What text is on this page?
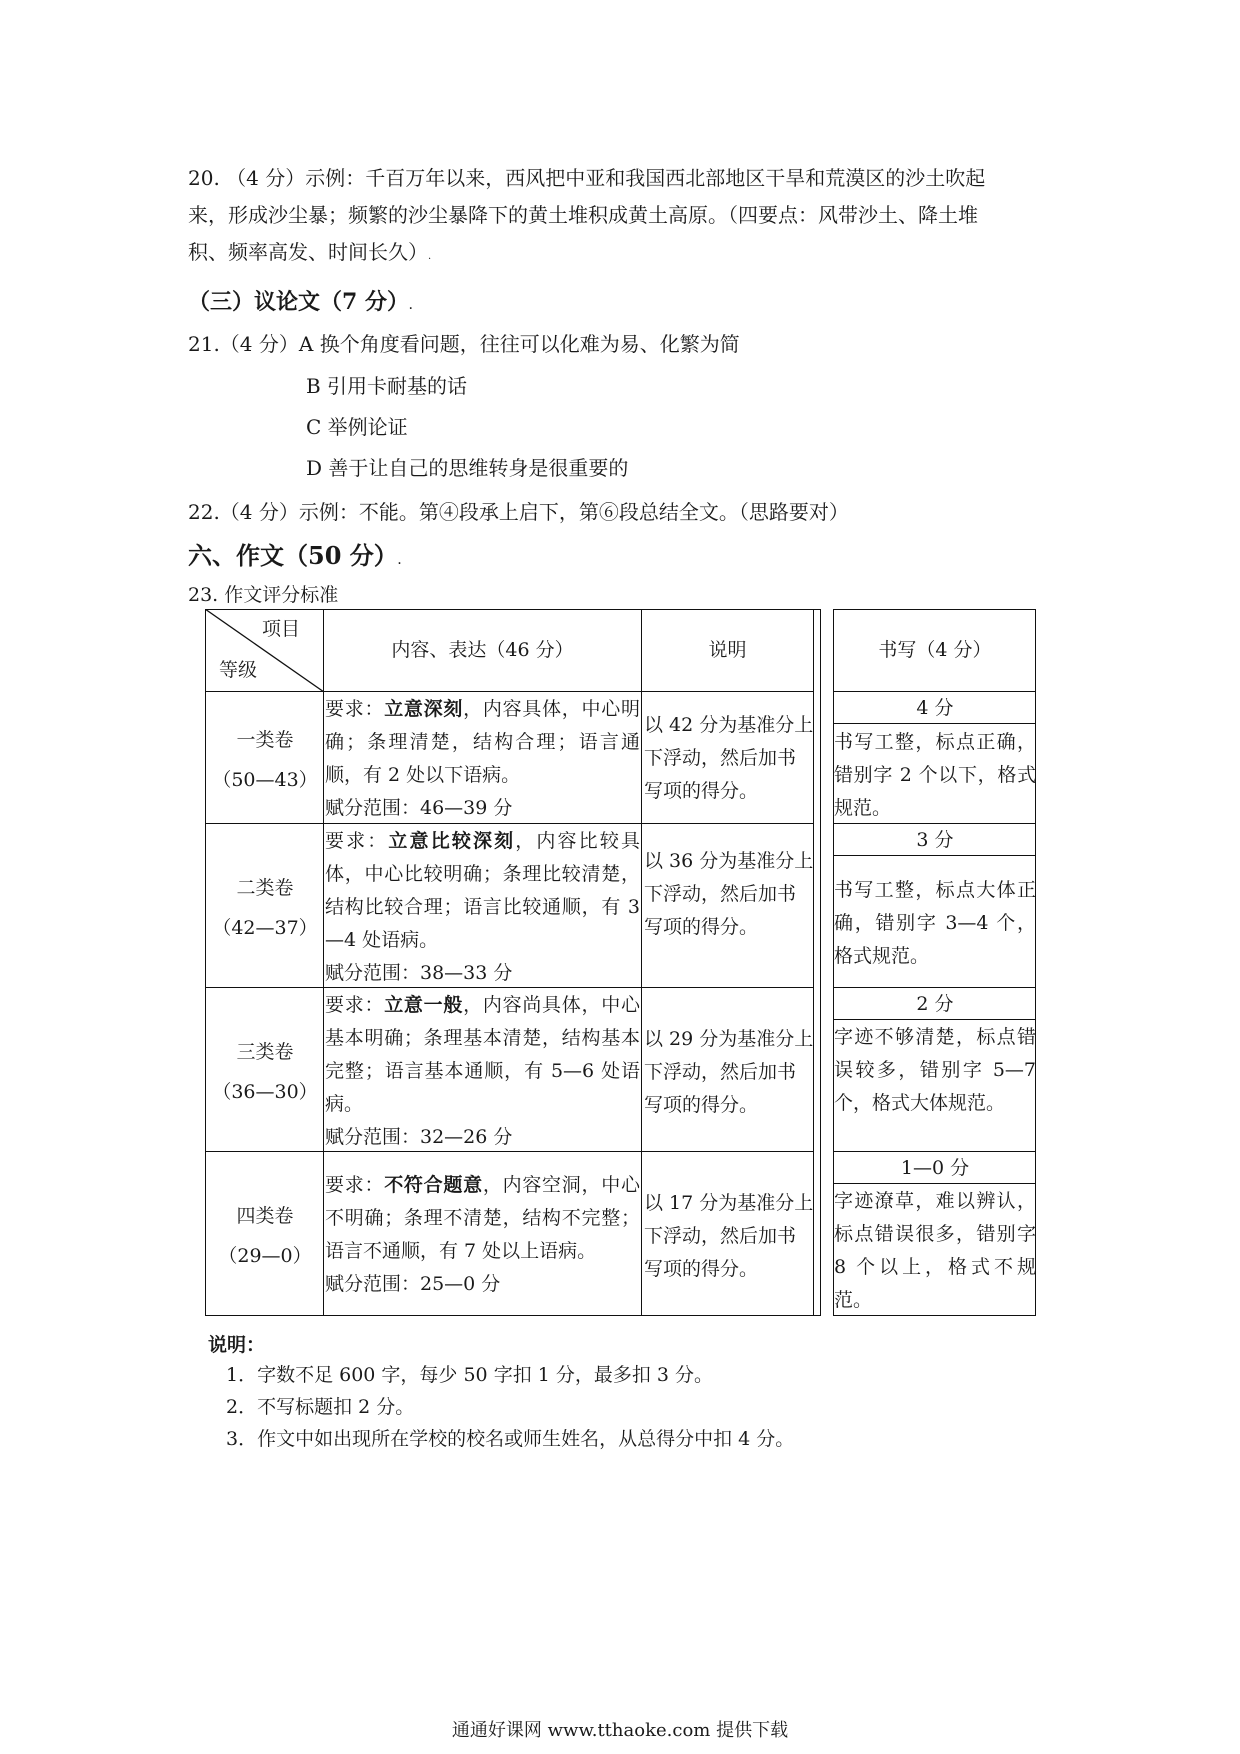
20. （4 分）示例：千百万年以来，西风把中亚和我国西北部地区干旱和荒漠区的沙土吹起
来，形成沙尘暴；频繁的沙尘暴降下的黄土堆积成黄土高原。（四要点：风带沙土、降土堆
积、频率高发、时间长久）.
（三）议论文（7 分）.
21.（4 分）A 换个角度看问题，往往可以化难为易、化繁为简
B 引用卡耐基的话
C 举例论证
D 善于让自己的思维转身是很重要的
22.（4 分）示例：不能。第④段承上启下，第⑥段总结全文。（思路要对）
六、作文（50 分）.
23. 作文评分标准
项目
等级
内容、表达（46 分）	说明	书写（4 分）
一类卷
（50—43）
要求：立意深刻，内容具体，中心明确；条理清楚，结构合理；语言通顺，有 2 处以下语病。
赋分范围：46—39 分
以 42 分为基准分上下浮动，然后加书写项的得分。
4 分
书写工整，标点正确，错别字 2 个以下，格式规范。
二类卷
（42—37）
要求：立意比较深刻，内容比较具体，中心比较明确；条理比较清楚，结构比较合理；语言比较通顺，有 3—4 处语病。
赋分范围：38—33 分
以 36 分为基准分上下浮动，然后加书写项的得分。
3 分
书写工整，标点大体正确，错别字 3—4 个，格式规范。
三类卷
（36—30）
要求：立意一般，内容尚具体，中心基本明确；条理基本清楚，结构基本完整；语言基本通顺，有 5—6 处语病。
赋分范围：32—26 分
以 29 分为基准分上下浮动，然后加书写项的得分。
2 分
字迹不够清楚，标点错误较多，错别字 5—7 个，格式大体规范。
四类卷
（29—0）
要求：不符合题意，内容空洞，中心不明确；条理不清楚，结构不完整；语言不通顺，有 7 处以上语病。
赋分范围：25—0 分
以 17 分为基准分上下浮动，然后加书写项的得分。
1—0 分
字迹潦草，难以辨认，标点错误很多，错别字 8 个以上，格式不规范。
说明：
1．字数不足 600 字，每少 50 字扣 1 分，最多扣 3 分。
2．不写标题扣 2 分。
3．作文中如出现所在学校的校名或师生姓名，从总得分中扣 4 分。
通通好课网 www.tthaoke.com 提供下载
